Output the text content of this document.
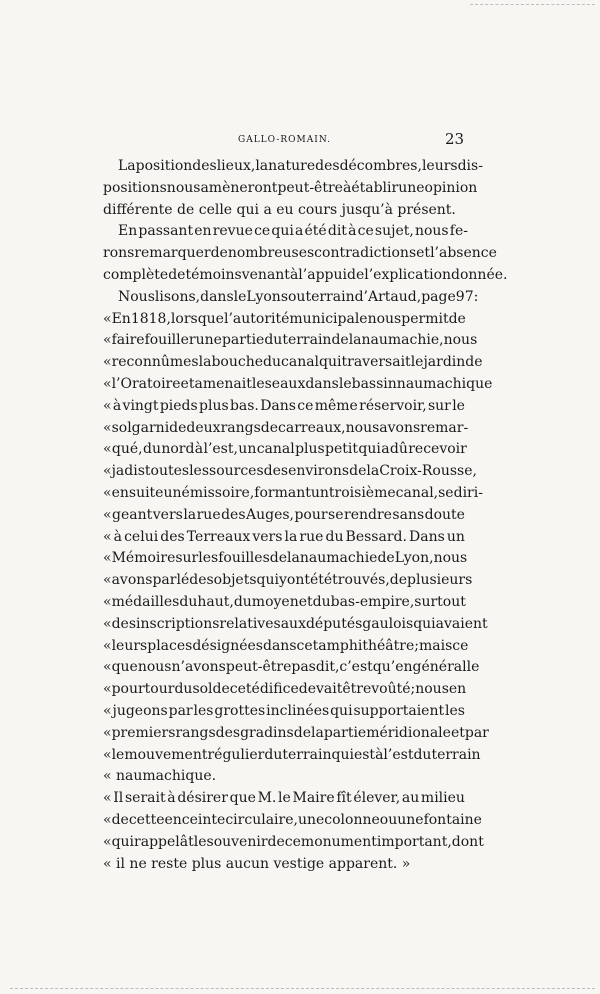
GALLO-ROMAIN.	23
La position des lieux, la nature des décombres, leurs dis-
positions nous amèneront peut-être à établir une opinion
différente de celle qui a eu cours jusqu’à présent.
En passant en revue ce qui a été dit à ce sujet, nous fe-
rons remarquer de nombreuses contradictions et l’absence
complète de témoins venant à l’appui de l’explication donnée.
Nous lisons, dans le Lyon souterrain d’Artaud, page 97 :
« En 1818, lorsque l’autorité municipale nous permit de
« faire fouiller une partie du terrain de la naumachie, nous
« reconnûmes la bouche du canal qui traversait le jardin de
« l’Oratoire et amenait les eaux dans le bassin naumachique
« à vingt pieds plus bas. Dans ce même réservoir, sur le
« sol garni de deux rangs de carreaux, nous avons remar-
« qué, du nord à l’est, un canal plus petit qui a dû recevoir
« jadis toutes les sources des environs de la Croix-Rousse,
« ensuite un émissoire, formant un troisième canal, se diri-
« geant vers la rue des Auges, pour se rendre sans doute
« à celui des Terreaux vers la rue du Bessard. Dans un
« Mémoire sur les fouilles de la naumachie de Lyon, nous
« avons parlé des objets qui y ont été trouvés, de plusieurs
« médailles du haut, du moyen et du bas-empire, surtout
« des inscriptions relatives aux députés gaulois qui avaient
« leurs places désignées dans cet amphithéâtre ; mais ce
« que nous n’avons peut-être pas dit, c’est qu’en général le
« pourtour du sol de cet édifice devait être voûté ; nous en
« jugeons par les grottes inclinées qui supportaient les
« premiers rangs des gradins de la partie méridionale et par
« le mouvement régulier du terrain qui est à l’est du terrain
« naumachique.
« Il serait à désirer que M. le Maire fît élever, au milieu
« de cette enceinte circulaire, une colonne ou une fontaine
« qui rappelât le souvenir de ce monument important, dont
« il ne reste plus aucun vestige apparent. »
